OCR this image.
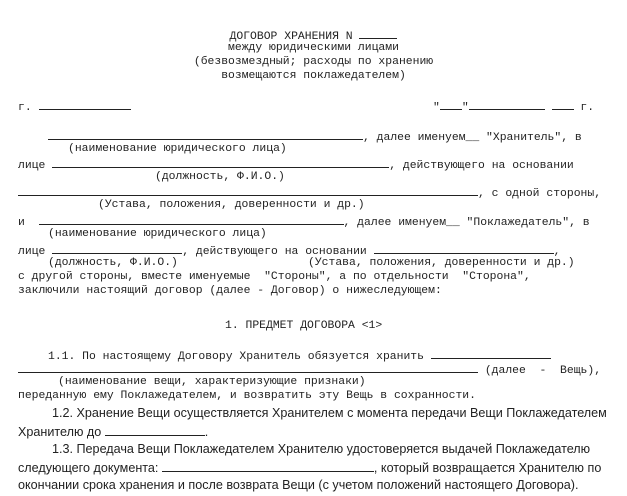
ДОГОВОР ХРАНЕНИЯ N
между юридическими лицами
(безвозмездный; расходы по хранению
возмещаются поклажедателем)
г.	" "	г.
, далее именуем__ "Хранитель", в
(наименование юридического лица)
лице	, действующего на основании
(должность, Ф.И.О.)
, с одной стороны,
(Устава, положения, доверенности и др.)
и	, далее именуем__ "Поклажедатель", в
(наименование юридического лица)
лице	, действующего на основании	,
(должность, Ф.И.О.)	(Устава, положения, доверенности и др.)
с другой стороны, вместе именуемые  "Стороны", а по отдельности  "Сторона",
заключили настоящий договор (далее - Договор) о нижеследующем:
1. ПРЕДМЕТ ДОГОВОРА <1>
1.1. По настоящему Договору Хранитель обязуется хранить
(далее  -  Вещь),
(наименование вещи, характеризующие признаки)
переданную ему Поклажедателем, и возвратить эту Вещь в сохранности.
1.2. Хранение Вещи осуществляется Хранителем с момента передачи Вещи Поклажедателем
Хранителю до	.
1.3. Передача Вещи Поклажедателем Хранителю удостоверяется выдачей Поклажедателю
следующего документа:	, который возвращается Хранителю по
окончании срока хранения и после возврата Вещи (с учетом положений настоящего Договора).
